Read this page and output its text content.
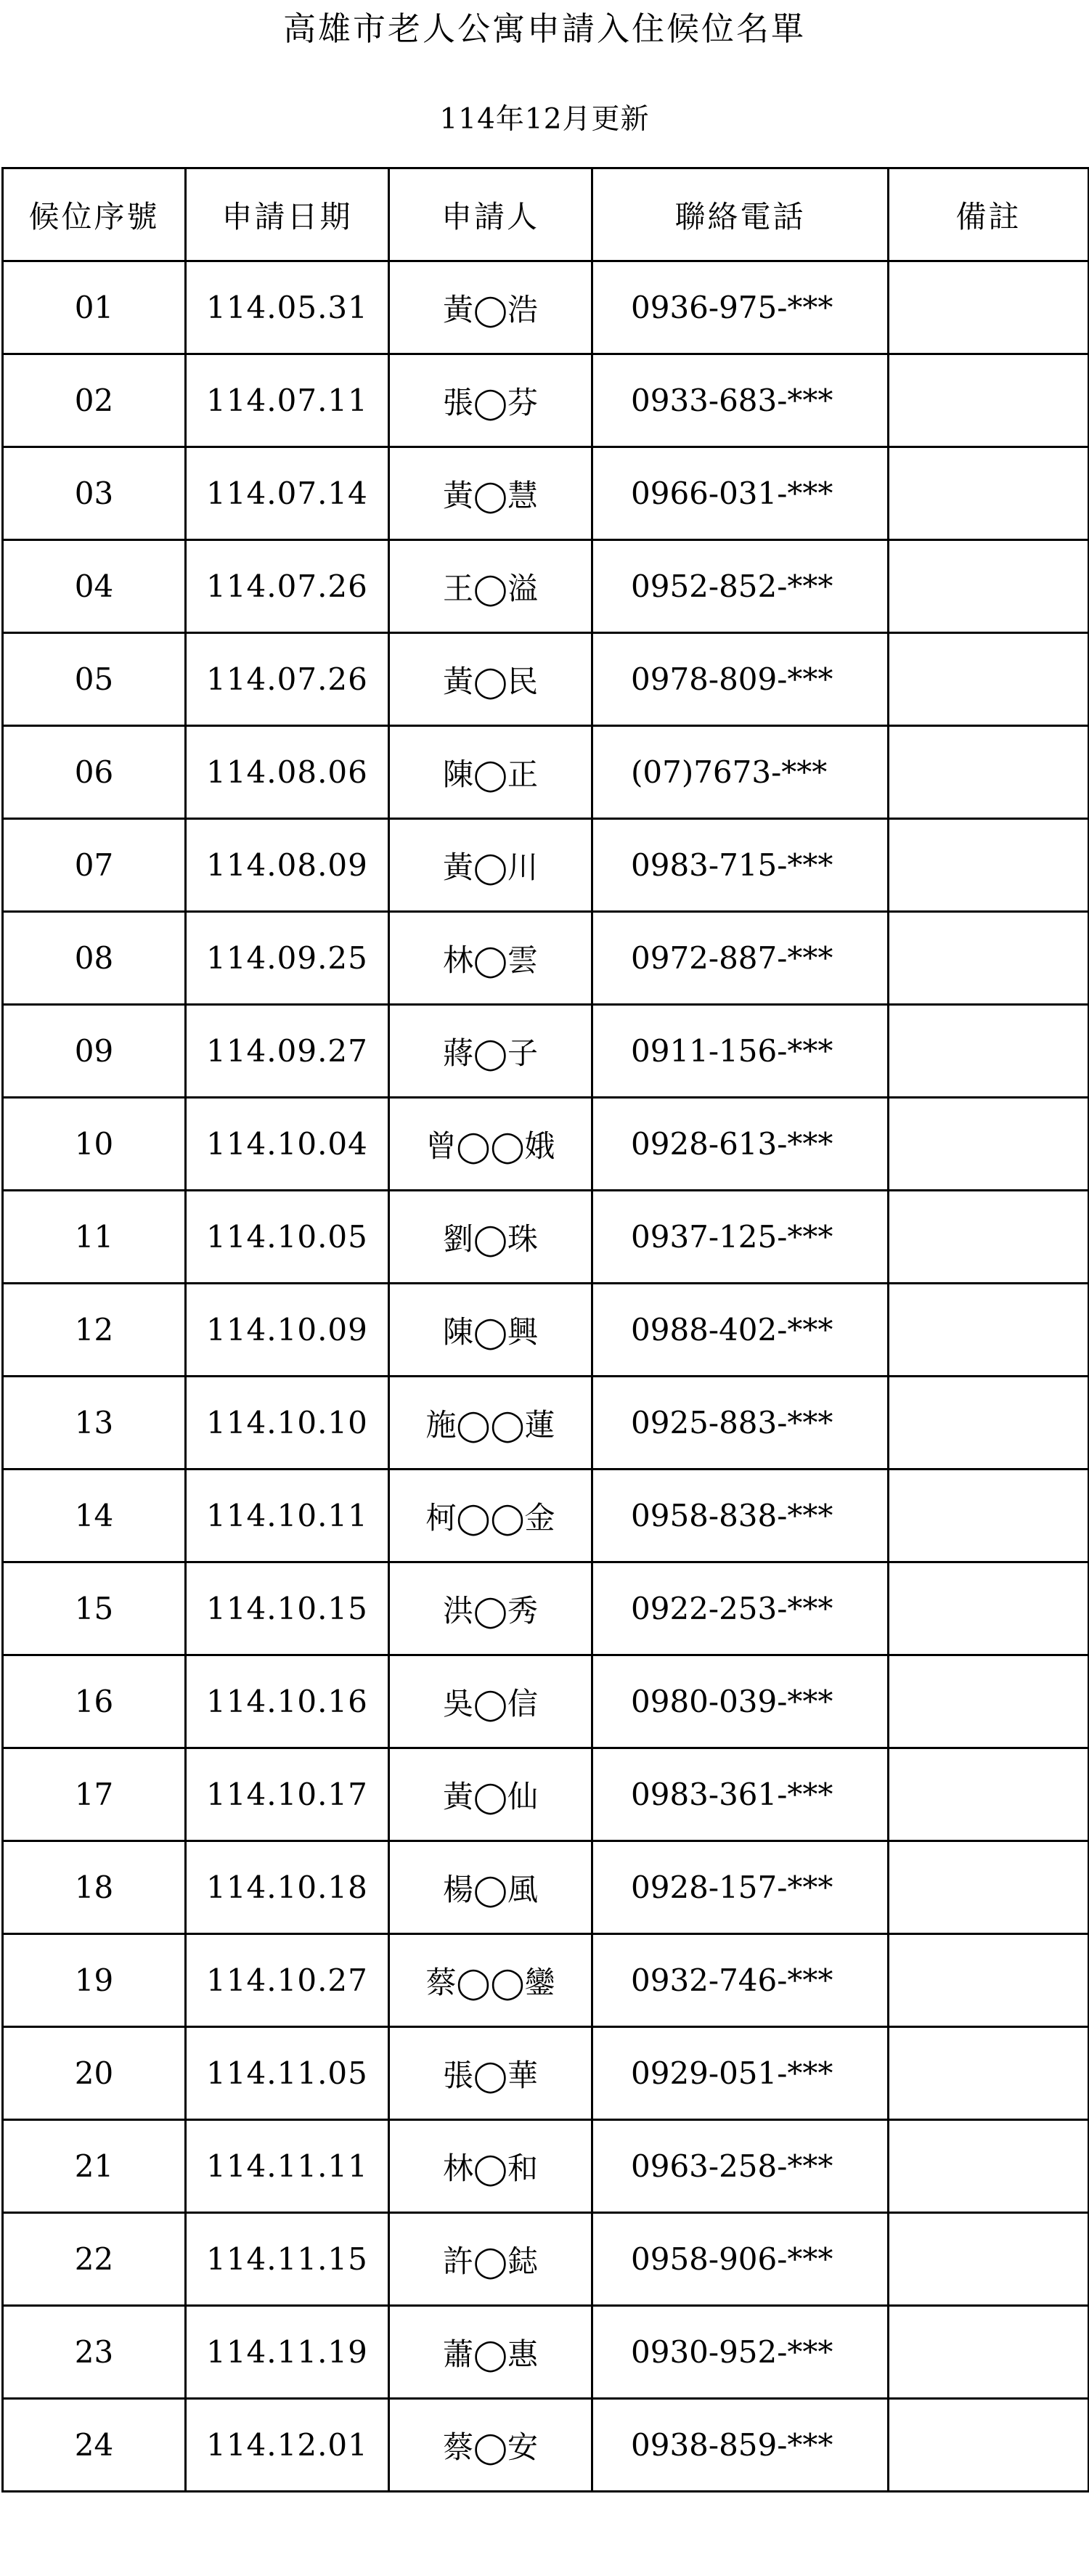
高雄市老人公寓申請入住候位名單
114年12月更新
候位序號	申請日期	申請人	聯絡電話	備註
01	114.05.31	黃◯浩	0936-975-***	
02	114.07.11	張◯芬	0933-683-***	
03	114.07.14	黃◯慧	0966-031-***	
04	114.07.26	王◯溢	0952-852-***	
05	114.07.26	黃◯民	0978-809-***	
06	114.08.06	陳◯正	(07)7673-***	
07	114.08.09	黃◯川	0983-715-***	
08	114.09.25	林◯雲	0972-887-***	
09	114.09.27	蔣◯子	0911-156-***	
10	114.10.04	曾◯◯娥	0928-613-***	
11	114.10.05	劉◯珠	0937-125-***	
12	114.10.09	陳◯興	0988-402-***	
13	114.10.10	施◯◯蓮	0925-883-***	
14	114.10.11	柯◯◯金	0958-838-***	
15	114.10.15	洪◯秀	0922-253-***	
16	114.10.16	吳◯信	0980-039-***	
17	114.10.17	黃◯仙	0983-361-***	
18	114.10.18	楊◯風	0928-157-***	
19	114.10.27	蔡◯◯鑾	0932-746-***	
20	114.11.05	張◯華	0929-051-***	
21	114.11.11	林◯和	0963-258-***	
22	114.11.15	許◯鋕	0958-906-***	
23	114.11.19	蕭◯惠	0930-952-***	
24	114.12.01	蔡◯安	0938-859-***	
